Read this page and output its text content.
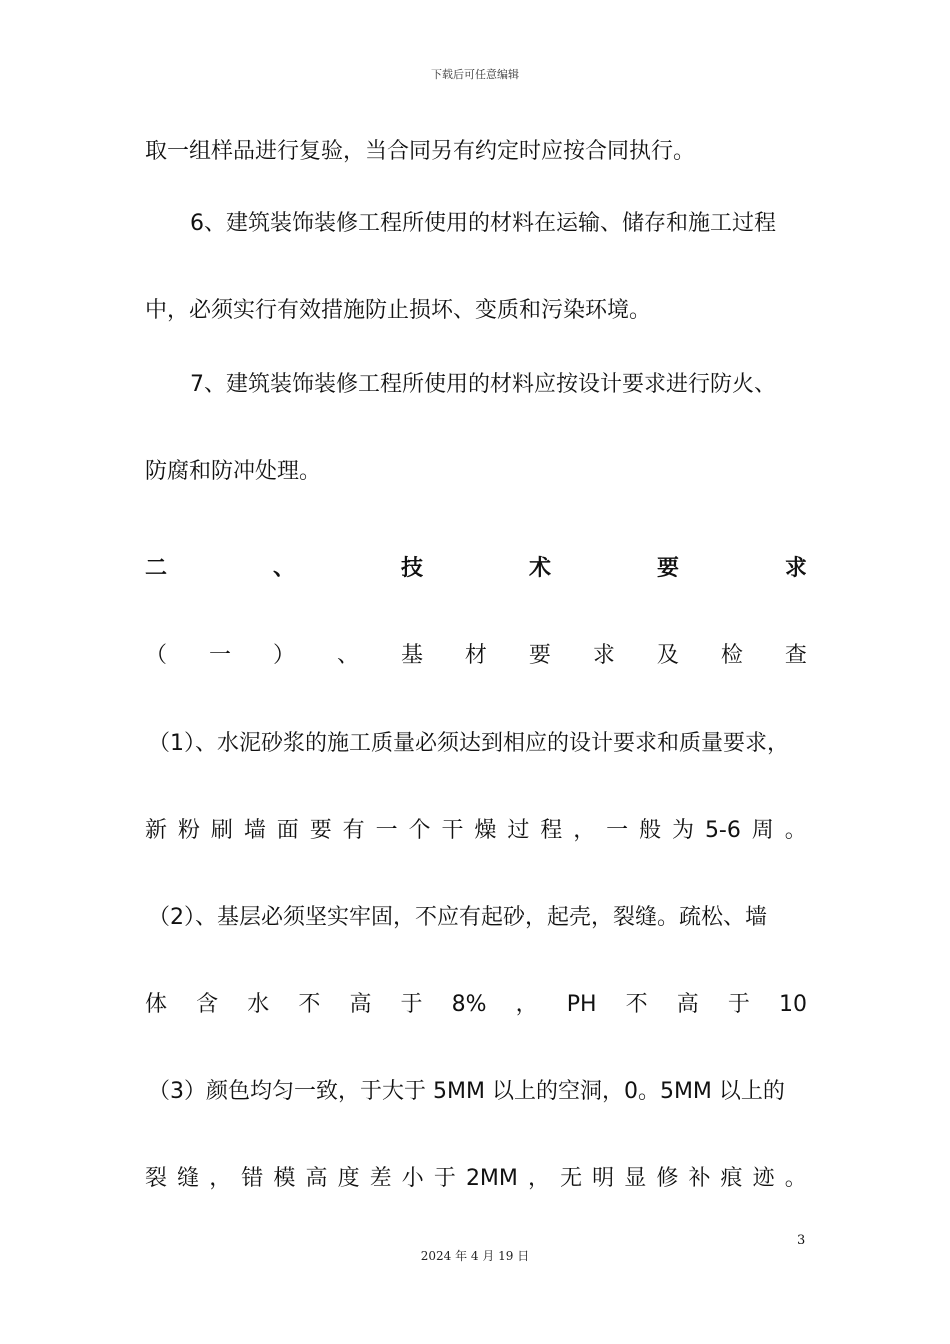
下载后可任意编辑
取一组样品进行复验，当合同另有约定时应按合同执行。
6、建筑装饰装修工程所使用的材料在运输、储存和施工过程
中，必须实行有效措施防止损坏、变质和污染环境。
7、建筑装饰装修工程所使用的材料应按设计要求进行防火、
防腐和防冲处理。
二	、	技	术	要	求
（ 一 ） 、 基 材 要 求 及 检 查
（1）、水泥砂浆的施工质量必须达到相应的设计要求和质量要求，
新 粉 刷 墙 面 要 有 一 个 干 燥 过 程 ， 一 般 为 5-6 周 。
（2）、基层必须坚实牢固，不应有起砂，起壳，裂缝。疏松、墙
体 含 水 不 高 于 8% ， PH 不 高 于 10
（3）颜色均匀一致，于大于 5MM 以上的空洞，0。5MM 以上的
裂 缝 ， 错 模 高 度 差 小 于 2MM ， 无 明 显 修 补 痕 迹 。
3
2024 年 4 月 19 日
